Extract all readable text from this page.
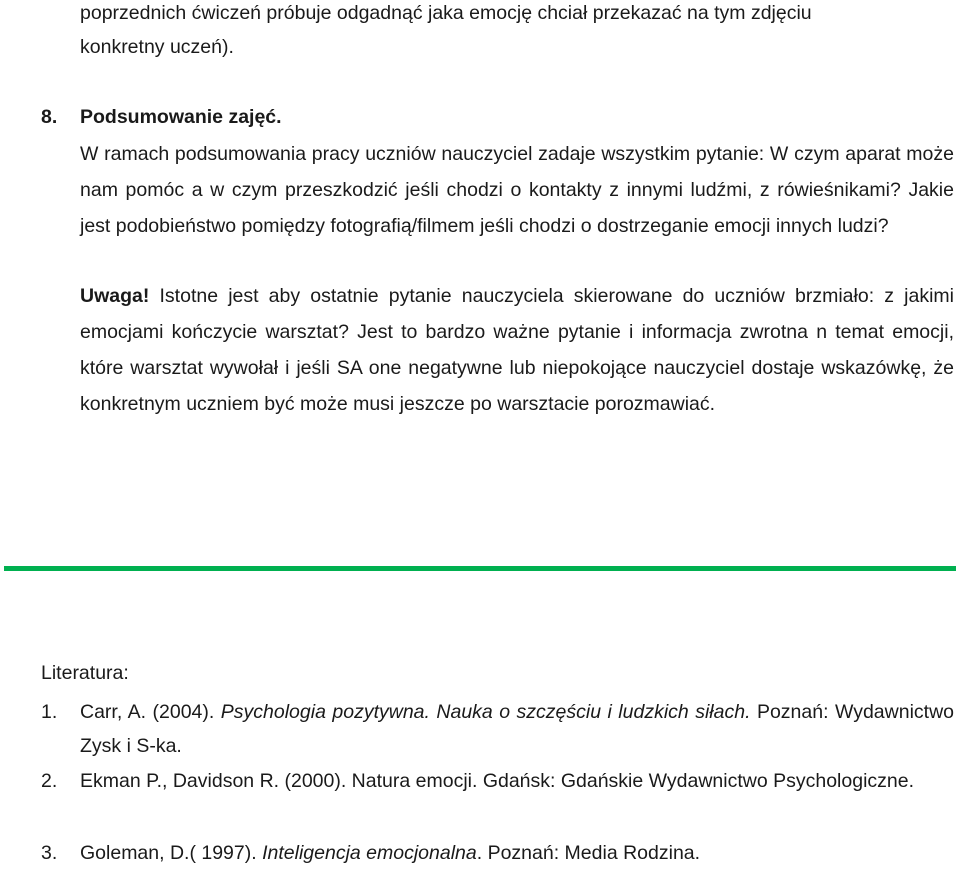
poprzednich ćwiczeń próbuje odgadnąć jaka emocję chciał przekazać na tym zdjęciu
konkretny uczeń).
8. Podsumowanie zajęć.
W ramach podsumowania pracy uczniów nauczyciel zadaje wszystkim pytanie: W czym aparat może nam pomóc a w czym przeszkodzić jeśli chodzi o kontakty z innymi ludźmi, z rówieśnikami? Jakie jest podobieństwo pomiędzy fotografią/filmem jeśli chodzi o dostrzeganie emocji innych ludzi?
Uwaga! Istotne jest aby ostatnie pytanie nauczyciela skierowane do uczniów brzmiało: z jakimi emocjami kończycie warsztat? Jest to bardzo ważne pytanie i informacja zwrotna n temat emocji, które warsztat wywołał i jeśli SA one negatywne lub niepokojące nauczyciel dostaje wskazówkę, że konkretnym uczniem być może musi jeszcze po warsztacie porozmawiać.
Literatura:
1. Carr, A. (2004). Psychologia pozytywna. Nauka o szczęściu i ludzkich siłach. Poznań: Wydawnictwo Zysk i S-ka.
2. Ekman P., Davidson R. (2000). Natura emocji. Gdańsk: Gdańskie Wydawnictwo Psychologiczne.
3. Goleman, D.( 1997). Inteligencja emocjonalna. Poznań: Media Rodzina.
